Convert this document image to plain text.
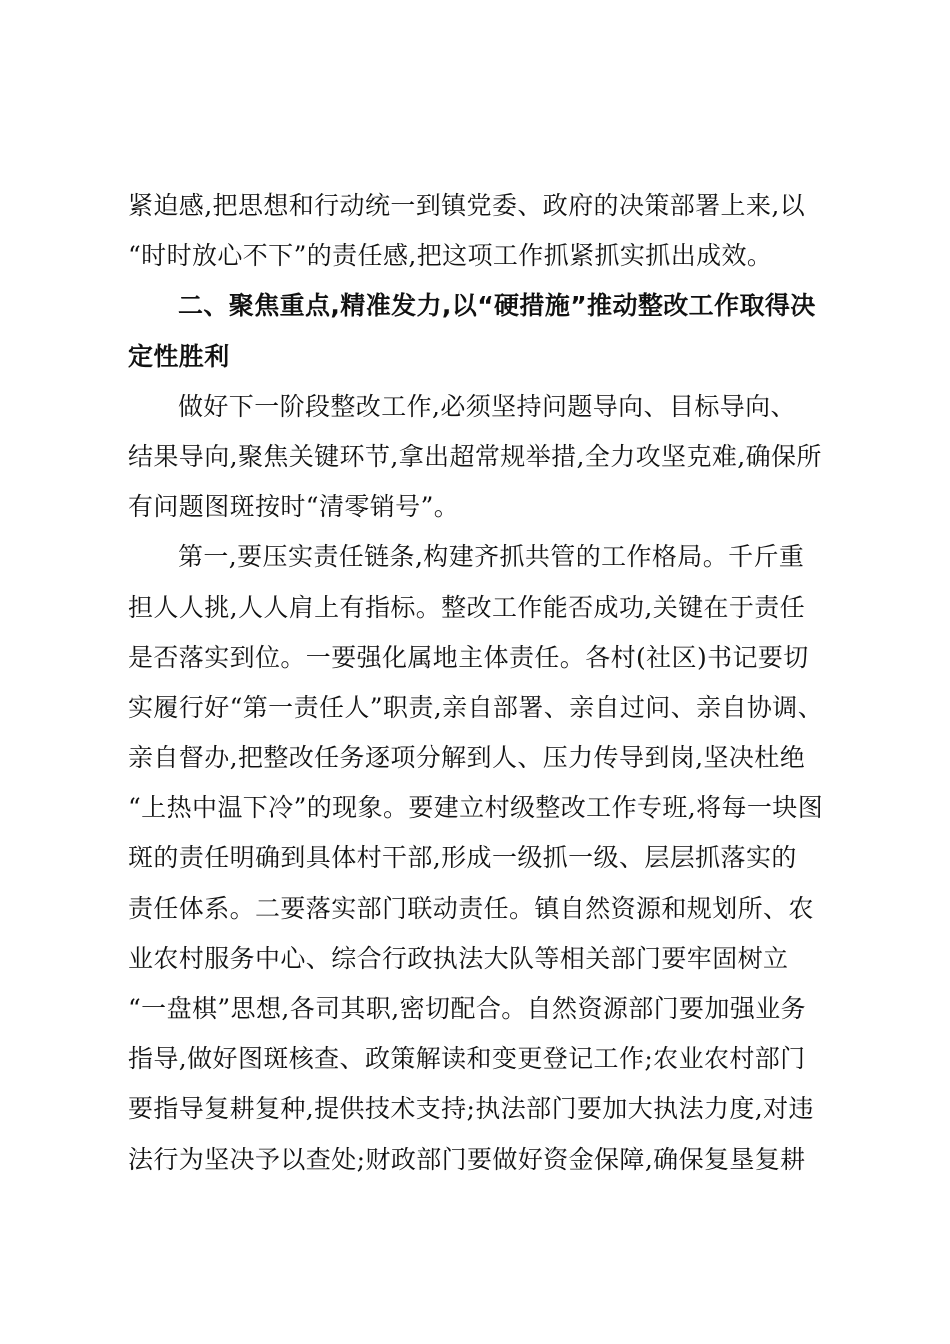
紧迫感,把思想和行动统一到镇党委、政府的决策部署上来,以
“时时放心不下”的责任感,把这项工作抓紧抓实抓出成效。
二、聚焦重点,精准发力,以“硬措施”推动整改工作取得决
定性胜利
做好下一阶段整改工作,必须坚持问题导向、目标导向、
结果导向,聚焦关键环节,拿出超常规举措,全力攻坚克难,确保所
有问题图斑按时“清零销号”。
第一,要压实责任链条,构建齐抓共管的工作格局。千斤重
担人人挑,人人肩上有指标。整改工作能否成功,关键在于责任
是否落实到位。一要强化属地主体责任。各村(社区)书记要切
实履行好“第一责任人”职责,亲自部署、亲自过问、亲自协调、
亲自督办,把整改任务逐项分解到人、压力传导到岗,坚决杜绝
“上热中温下冷”的现象。要建立村级整改工作专班,将每一块图
斑的责任明确到具体村干部,形成一级抓一级、层层抓落实的
责任体系。二要落实部门联动责任。镇自然资源和规划所、农
业农村服务中心、综合行政执法大队等相关部门要牢固树立
“一盘棋”思想,各司其职,密切配合。自然资源部门要加强业务
指导,做好图斑核查、政策解读和变更登记工作;农业农村部门
要指导复耕复种,提供技术支持;执法部门要加大执法力度,对违
法行为坚决予以查处;财政部门要做好资金保障,确保复垦复耕
